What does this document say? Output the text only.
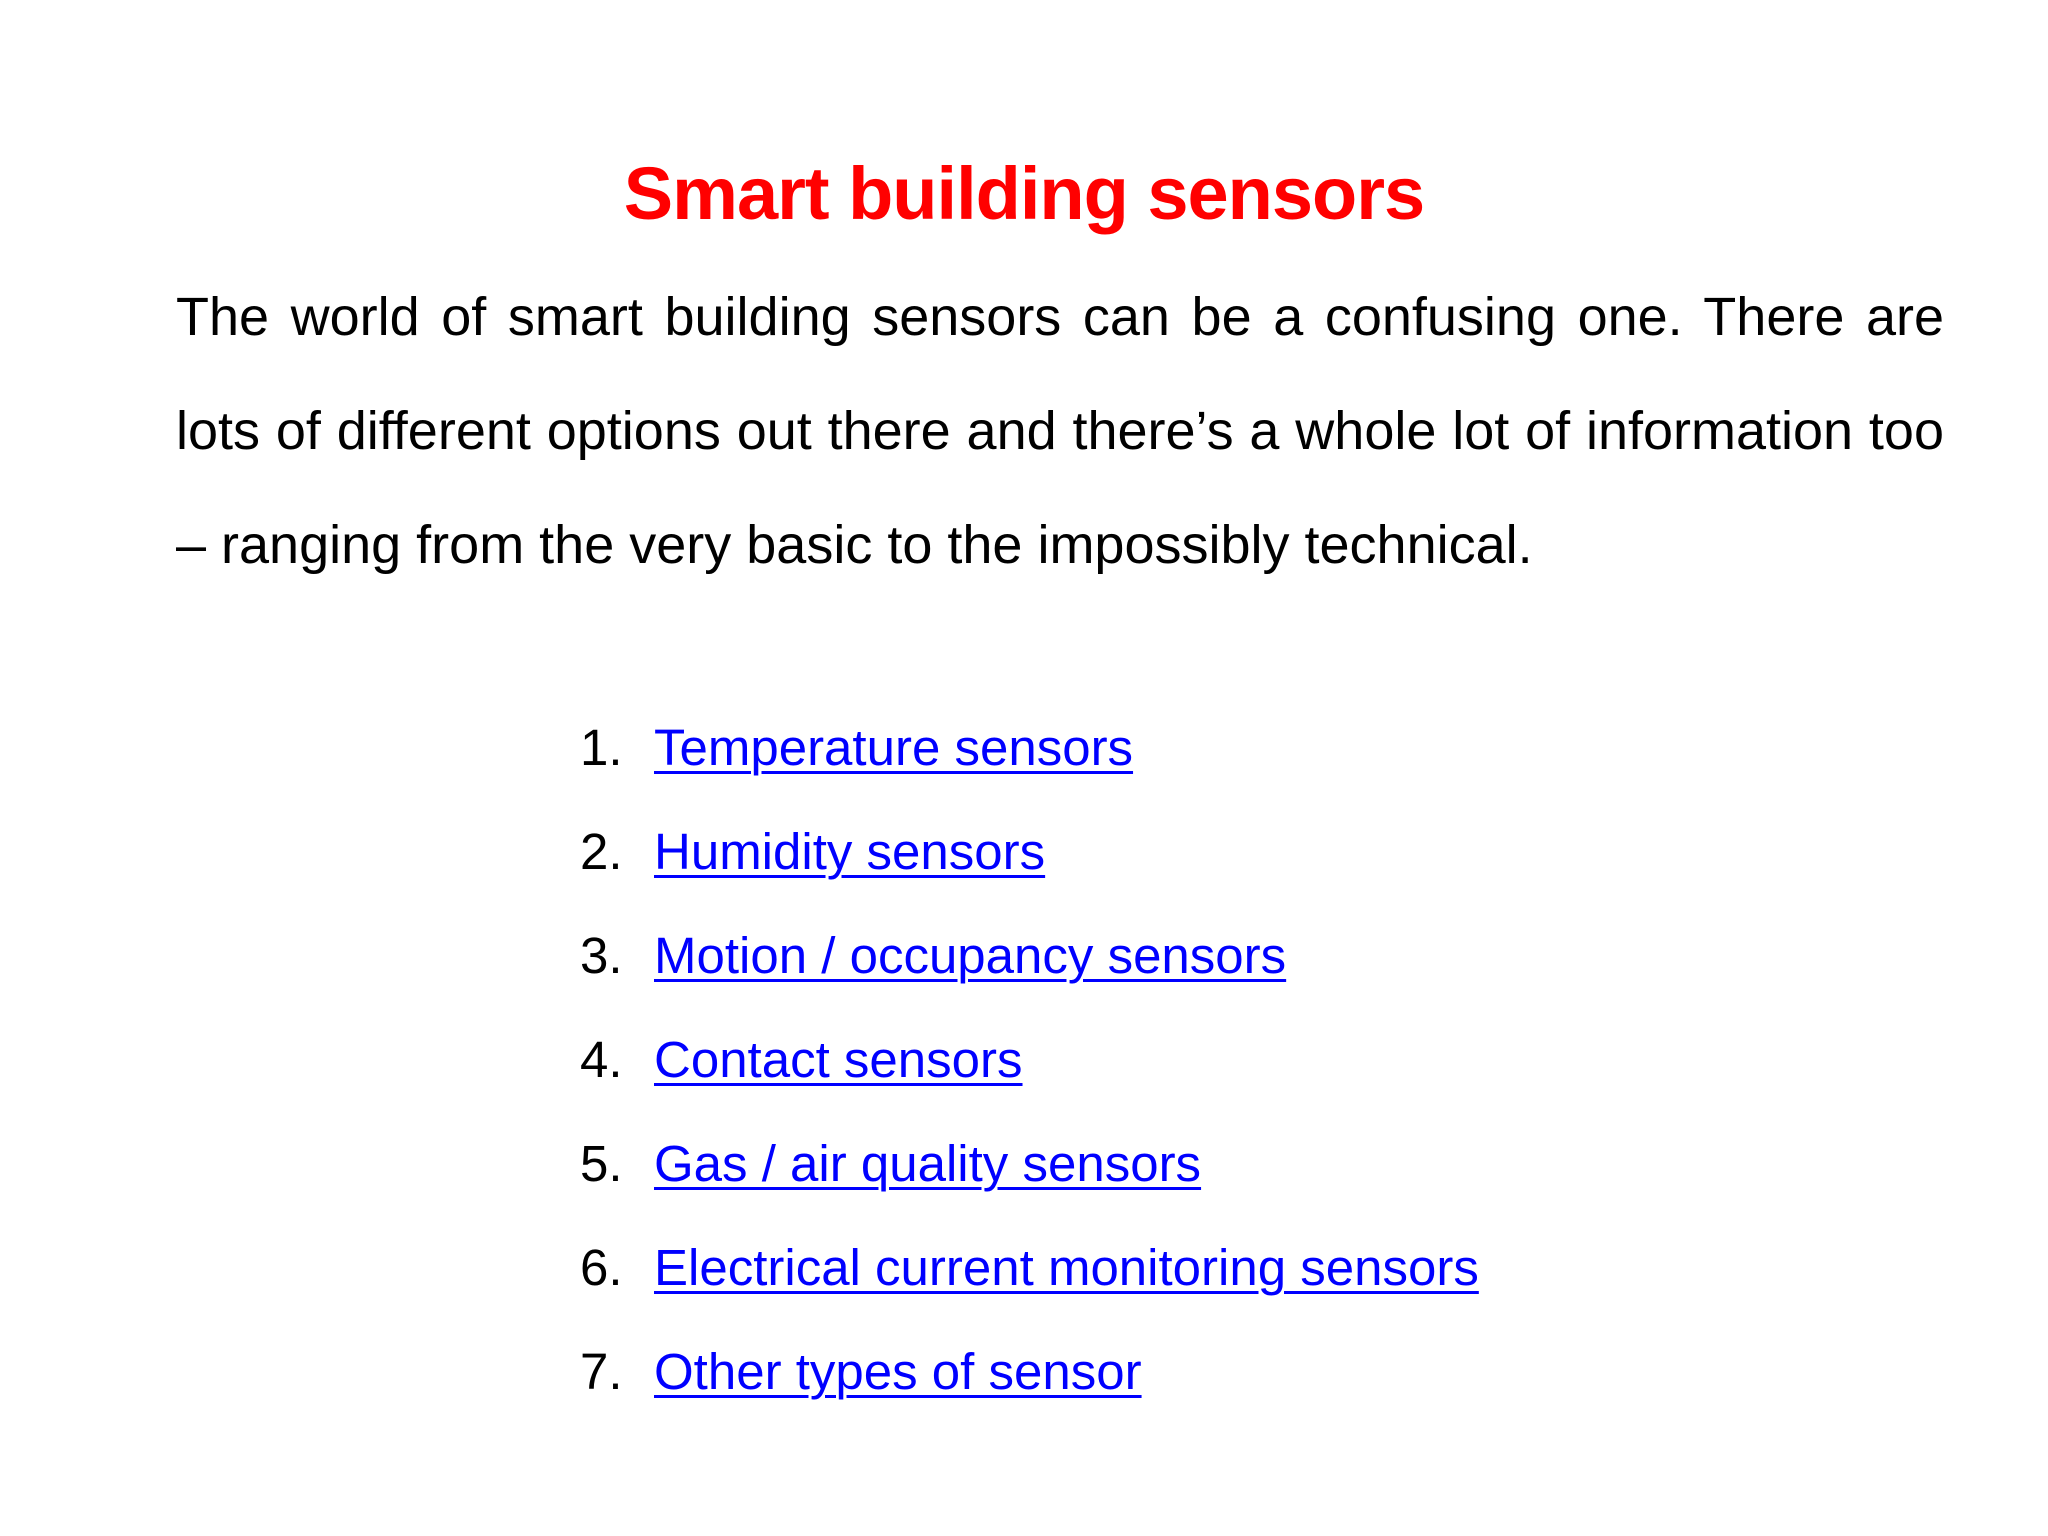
Smart building sensors

The world of smart building sensors can be a confusing one. There are lots of different options out there and there’s a whole lot of information too – ranging from the very basic to the impossibly technical.

1. Temperature sensors
2. Humidity sensors
3. Motion / occupancy sensors
4. Contact sensors
5. Gas / air quality sensors
6. Electrical current monitoring sensors
7. Other types of sensor
